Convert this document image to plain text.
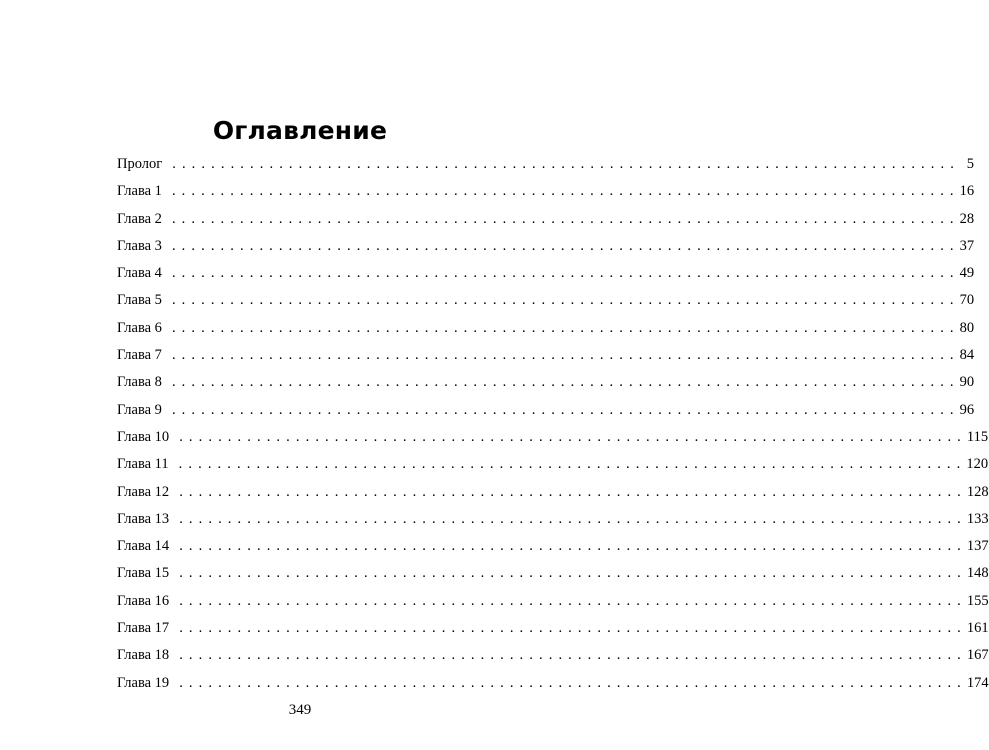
Оглавление
Пролог ................................................................................. 5
Глава 1 ................................................................................. 16
Глава 2 ................................................................................. 28
Глава 3 ................................................................................. 37
Глава 4 ................................................................................. 49
Глава 5 ................................................................................. 70
Глава 6 ................................................................................. 80
Глава 7 ................................................................................. 84
Глава 8 ................................................................................. 90
Глава 9 ................................................................................. 96
Глава 10 ................................................................................. 115
Глава 11 ................................................................................. 120
Глава 12 ................................................................................. 128
Глава 13 ................................................................................. 133
Глава 14 ................................................................................. 137
Глава 15 ................................................................................. 148
Глава 16 ................................................................................. 155
Глава 17 ................................................................................. 161
Глава 18 ................................................................................. 167
Глава 19 ................................................................................. 174
349
